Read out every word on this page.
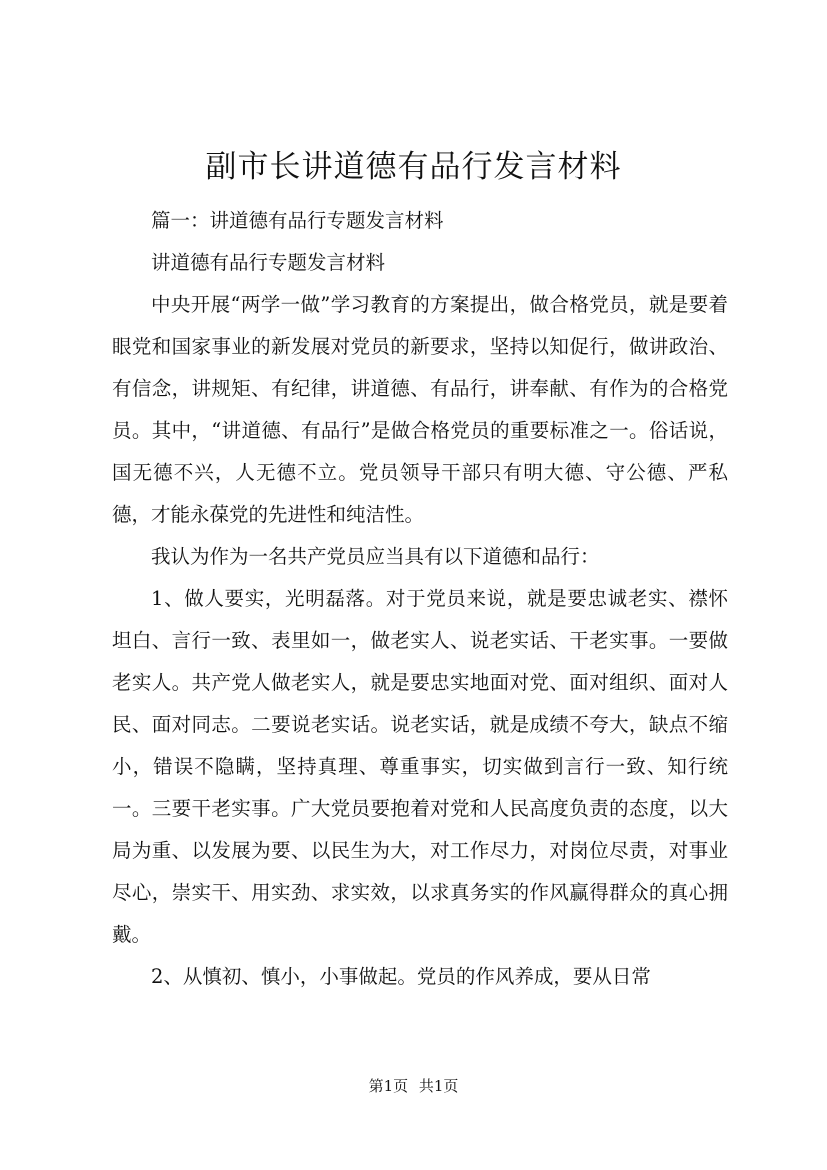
副市长讲道德有品行发言材料

篇一：讲道德有品行专题发言材料

讲道德有品行专题发言材料

中央开展“两学一做”学习教育的方案提出，做合格党员，就是要着眼党和国家事业的新发展对党员的新要求，坚持以知促行，做讲政治、有信念，讲规矩、有纪律，讲道德、有品行，讲奉献、有作为的合格党员。其中，“讲道德、有品行”是做合格党员的重要标准之一。俗话说，国无德不兴，人无德不立。党员领导干部只有明大德、守公德、严私德，才能永葆党的先进性和纯洁性。

我认为作为一名共产党员应当具有以下道德和品行：

1、做人要实，光明磊落。对于党员来说，就是要忠诚老实、襟怀坦白、言行一致、表里如一，做老实人、说老实话、干老实事。一要做老实人。共产党人做老实人，就是要忠实地面对党、面对组织、面对人民、面对同志。二要说老实话。说老实话，就是成绩不夸大，缺点不缩小，错误不隐瞒，坚持真理、尊重事实，切实做到言行一致、知行统一。三要干老实事。广大党员要抱着对党和人民高度负责的态度，以大局为重、以发展为要、以民生为大，对工作尽力，对岗位尽责，对事业尽心，崇实干、用实劲、求实效，以求真务实的作风赢得群众的真心拥戴。

2、从慎初、慎小，小事做起。党员的作风养成，要从日常

第1页 共1页
